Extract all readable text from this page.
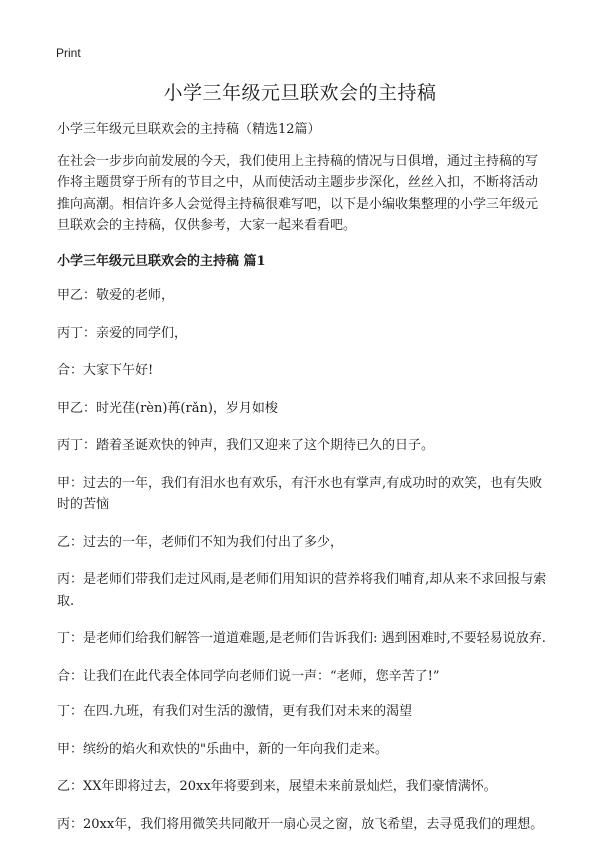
Print
小学三年级元旦联欢会的主持稿
小学三年级元旦联欢会的主持稿（精选12篇）
在社会一步步向前发展的今天，我们使用上主持稿的情况与日俱增，通过主持稿的写作将主题贯穿于所有的节目之中，从而使活动主题步步深化，丝丝入扣，不断将活动推向高潮。相信许多人会觉得主持稿很难写吧，以下是小编收集整理的小学三年级元旦联欢会的主持稿，仅供参考，大家一起来看看吧。
小学三年级元旦联欢会的主持稿 篇1
甲乙：敬爱的老师，
丙丁：亲爱的同学们，
合：大家下午好!
甲乙：时光荏(rèn)苒(rǎn)，岁月如梭
丙丁：踏着圣诞欢快的钟声，我们又迎来了这个期待已久的日子。
甲：过去的一年，我们有泪水也有欢乐，有汗水也有掌声,有成功时的欢笑，也有失败时的苦恼
乙：过去的一年，老师们不知为我们付出了多少，
丙：是老师们带我们走过风雨,是老师们用知识的营养将我们哺育,却从来不求回报与索取.
丁：是老师们给我们解答一道道难题,是老师们告诉我们: 遇到困难时,不要轻易说放弃.
合：让我们在此代表全体同学向老师们说一声：“老师，您辛苦了!”
丁：在四.九班，有我们对生活的激情，更有我们对未来的渴望
甲：缤纷的焰火和欢快的"乐曲中，新的一年向我们走来。
乙：XX年即将过去，20xx年将要到来，展望未来前景灿烂，我们豪情满怀。
丙：20xx年，我们将用微笑共同敞开一扇心灵之窗，放飞希望，去寻觅我们的理想。
